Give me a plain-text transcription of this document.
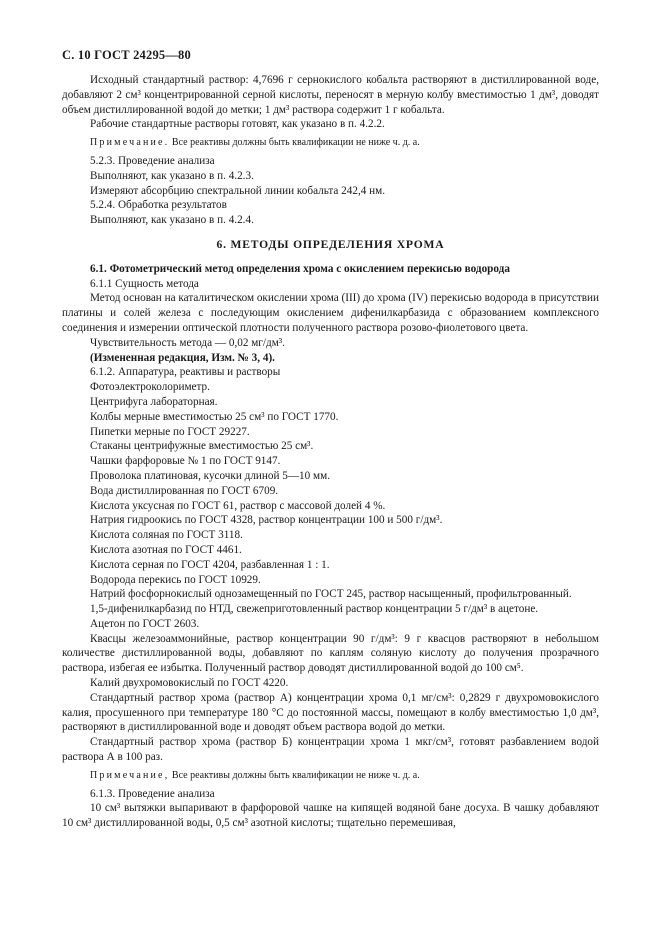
С. 10 ГОСТ 24295—80

Исходный стандартный раствор: 4,7696 г сернокислого кобальта растворяют в дистиллированной воде, добавляют 2 см³ концентрированной серной кислоты, переносят в мерную колбу вместимостью 1 дм³, доводят объем дистиллированной водой до метки; 1 дм³ раствора содержит 1 г кобальта.

Рабочие стандартные растворы готовят, как указано в п. 4.2.2.

Примечание. Все реактивы должны быть квалификации не ниже ч. д. а.

5.2.3. Проведение анализа

Выполняют, как указано в п. 4.2.3.

Измеряют абсорбцию спектральной линии кобальта 242,4 нм.

5.2.4. Обработка результатов

Выполняют, как указано в п. 4.2.4.

6. МЕТОДЫ ОПРЕДЕЛЕНИЯ ХРОМА

6.1. Фотометрический метод определения хрома с окислением перекисью водорода

6.1.1 Сущность метода

Метод основан на каталитическом окислении хрома (III) до хрома (IV) перекисью водорода в присутствии платины и солей железа с последующим окислением дифенилкарбазида с образованием комплексного соединения и измерении оптической плотности полученного раствора розово-фиолетового цвета.

Чувствительность метода — 0,02 мг/дм³.

(Измененная редакция, Изм. № 3, 4).

6.1.2. Аппаратура, реактивы и растворы

Фотоэлектроколориметр.

Центрифуга лабораторная.

Колбы мерные вместимостью 25 см³ по ГОСТ 1770.

Пипетки мерные по ГОСТ 29227.

Стаканы центрифужные вместимостью 25 см³.

Чашки фарфоровые № 1 по ГОСТ 9147.

Проволока платиновая, кусочки длиной 5—10 мм.

Вода дистиллированная по ГОСТ 6709.

Кислота уксусная по ГОСТ 61, раствор с массовой долей 4 %.

Натрия гидроокись по ГОСТ 4328, раствор концентрации 100 и 500 г/дм³.

Кислота соляная по ГОСТ 3118.

Кислота азотная по ГОСТ 4461.

Кислота серная по ГОСТ 4204, разбавленная 1 : 1.

Водорода перекись по ГОСТ 10929.

Натрий фосфорнокислый однозамещенный по ГОСТ 245, раствор насыщенный, профильтрованный.

1,5-дифенилкарбазид по НТД, свежеприготовленный раствор концентрации 5 г/дм³ в ацетоне.

Ацетон по ГОСТ 2603.

Квасцы железоаммонийные, раствор концентрации 90 г/дм³: 9 г квасцов растворяют в небольшом количестве дистиллированной воды, добавляют по каплям соляную кислоту до получения прозрачного раствора, избегая ее избытка. Полученный раствор доводят дистиллированной водой до 100 см⁵.

Калий двухромовокислый по ГОСТ 4220.

Стандартный раствор хрома (раствор А) концентрации хрома 0,1 мг/см³: 0,2829 г двухромовокислого калия, просушенного при температуре 180 °С до постоянной массы, помещают в колбу вместимостью 1,0 дм³, растворяют в дистиллированной воде и доводят объем раствора водой до метки.

Стандартный раствор хрома (раствор Б) концентрации хрома 1 мкг/см³, готовят разбавлением водой раствора А в 100 раз.

Примечание, Все реактивы должны быть квалификации не ниже ч. д. а.

6.1.3. Проведение анализа

10 см³ вытяжки выпаривают в фарфоровой чашке на кипящей водяной бане досуха. В чашку добавляют 10 см³ дистиллированной воды, 0,5 см³ азотной кислоты; тщательно перемешивая,
